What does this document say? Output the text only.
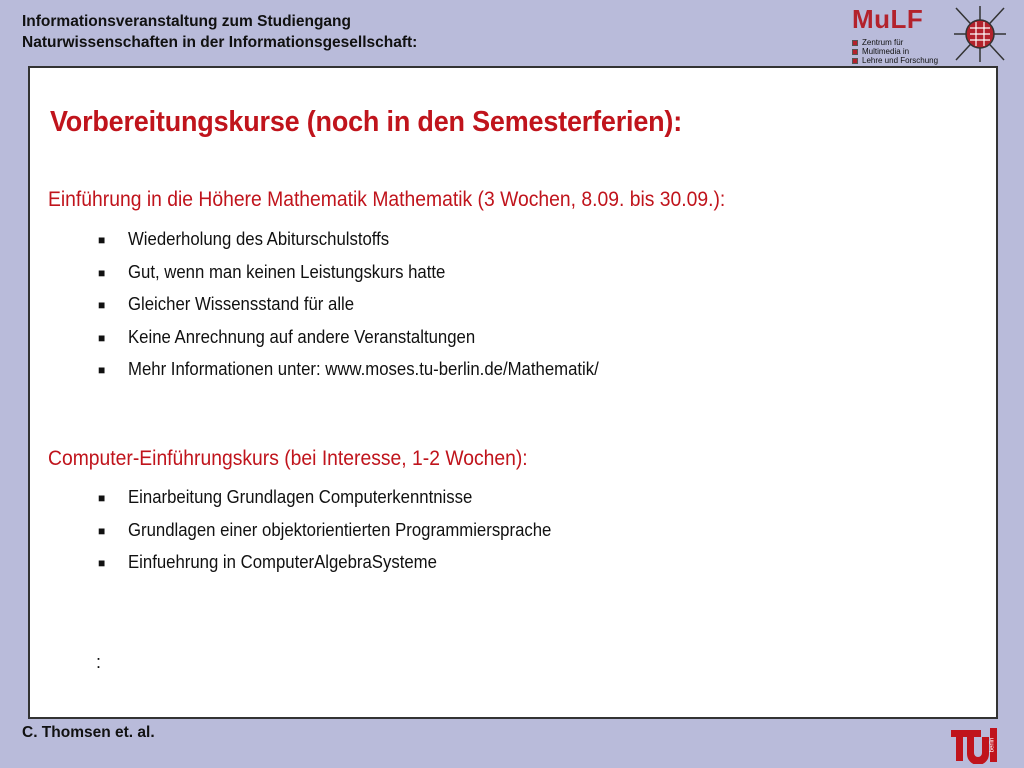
Informationsveranstaltung zum Studiengang
Naturwissenschaften in der Informationsgesellschaft:
MuLF
Zentrum für
Multimedia in
Lehre und Forschung
Vorbereitungskurse (noch in den Semesterferien):
Einführung in die Höhere Mathematik Mathematik (3 Wochen, 8.09. bis 30.09.):
■	Wiederholung des Abiturschulstoffs
■	Gut, wenn man keinen Leistungskurs hatte
■	Gleicher Wissensstand für alle
■	Keine Anrechnung auf andere Veranstaltungen
■	Mehr Informationen unter: www.moses.tu-berlin.de/Mathematik/
Computer-Einführungskurs (bei Interesse, 1-2 Wochen):
■	Einarbeitung Grundlagen Computerkenntnisse
■	Grundlagen einer objektorientierten Programmiersprache
■	Einfuehrung in ComputerAlgebraSysteme
:
C. Thomsen et. al.
berlin
